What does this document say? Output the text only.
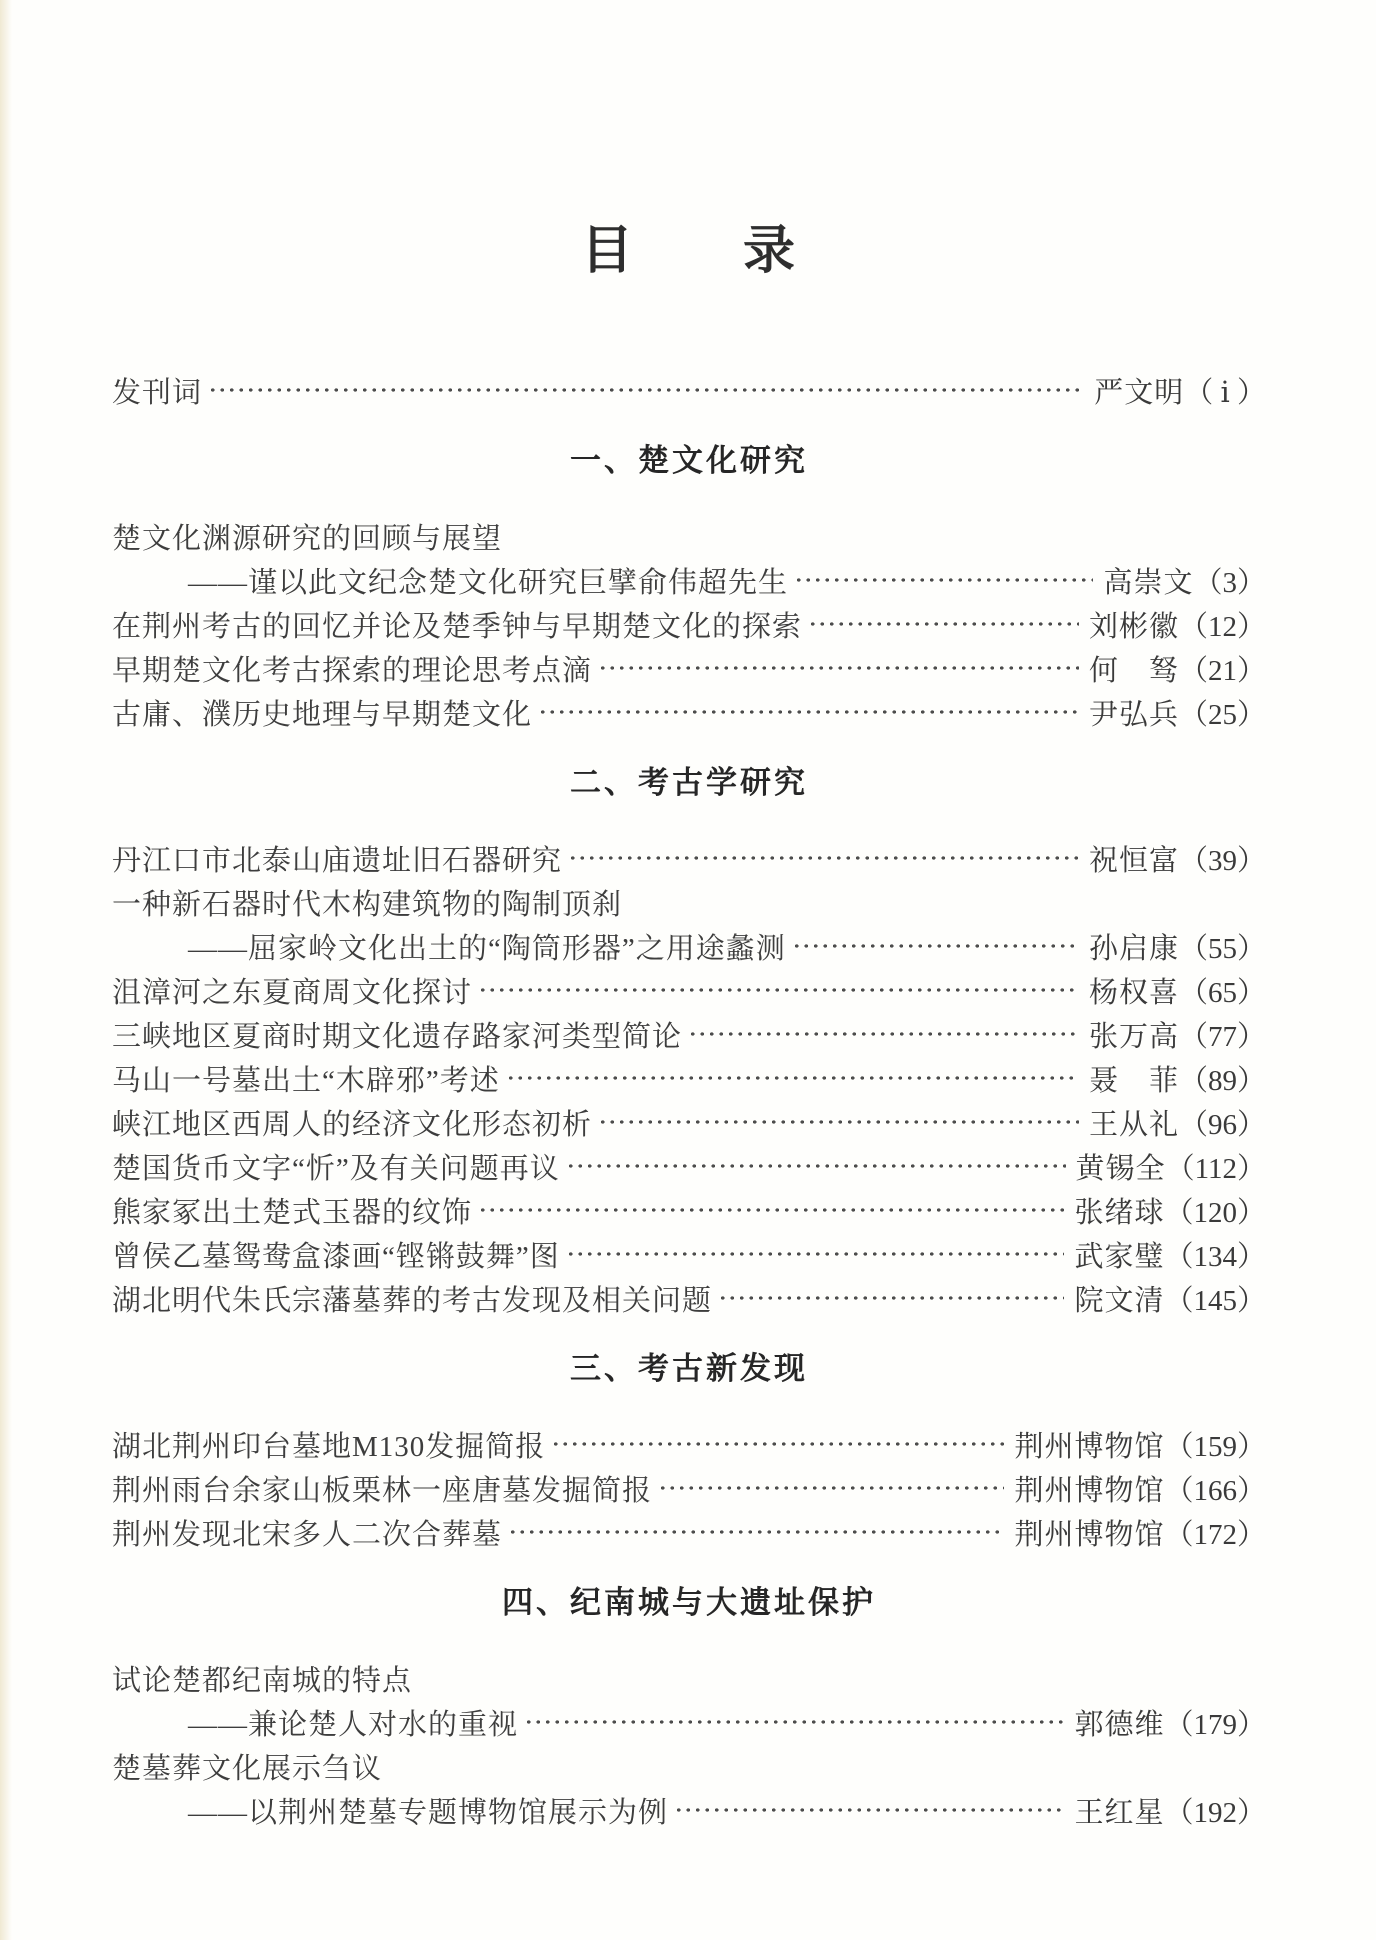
目　　录
发刊词	严文明 （ ⅰ ）
一、楚文化研究
楚文化渊源研究的回顾与展望
——谨以此文纪念楚文化研究巨擘俞伟超先生	高崇文 （3）
在荆州考古的回忆并论及楚季钟与早期楚文化的探索	刘彬徽 （12）
早期楚文化考古探索的理论思考点滴	何　驽 （21）
古庸、濮历史地理与早期楚文化	尹弘兵 （25）
二、考古学研究
丹江口市北泰山庙遗址旧石器研究	祝恒富 （39）
一种新石器时代木构建筑物的陶制顶刹
——屈家岭文化出土的“陶筒形器”之用途蠡测	孙启康 （55）
沮漳河之东夏商周文化探讨	杨权喜 （65）
三峡地区夏商时期文化遗存路家河类型简论	张万高 （77）
马山一号墓出土“木辟邪”考述	聂　菲 （89）
峡江地区西周人的经济文化形态初析	王从礼 （96）
楚国货币文字“忻”及有关问题再议	黄锡全 （112）
熊家冢出土楚式玉器的纹饰	张绪球 （120）
曾侯乙墓鸳鸯盒漆画“铿锵鼓舞”图	武家璧 （134）
湖北明代朱氏宗藩墓葬的考古发现及相关问题	院文清 （145）
三、考古新发现
湖北荆州印台墓地M130发掘简报	荆州博物馆 （159）
荆州雨台余家山板栗林一座唐墓发掘简报	荆州博物馆 （166）
荆州发现北宋多人二次合葬墓	荆州博物馆 （172）
四、纪南城与大遗址保护
试论楚都纪南城的特点
——兼论楚人对水的重视	郭德维 （179）
楚墓葬文化展示刍议
——以荆州楚墓专题博物馆展示为例	王红星 （192）
